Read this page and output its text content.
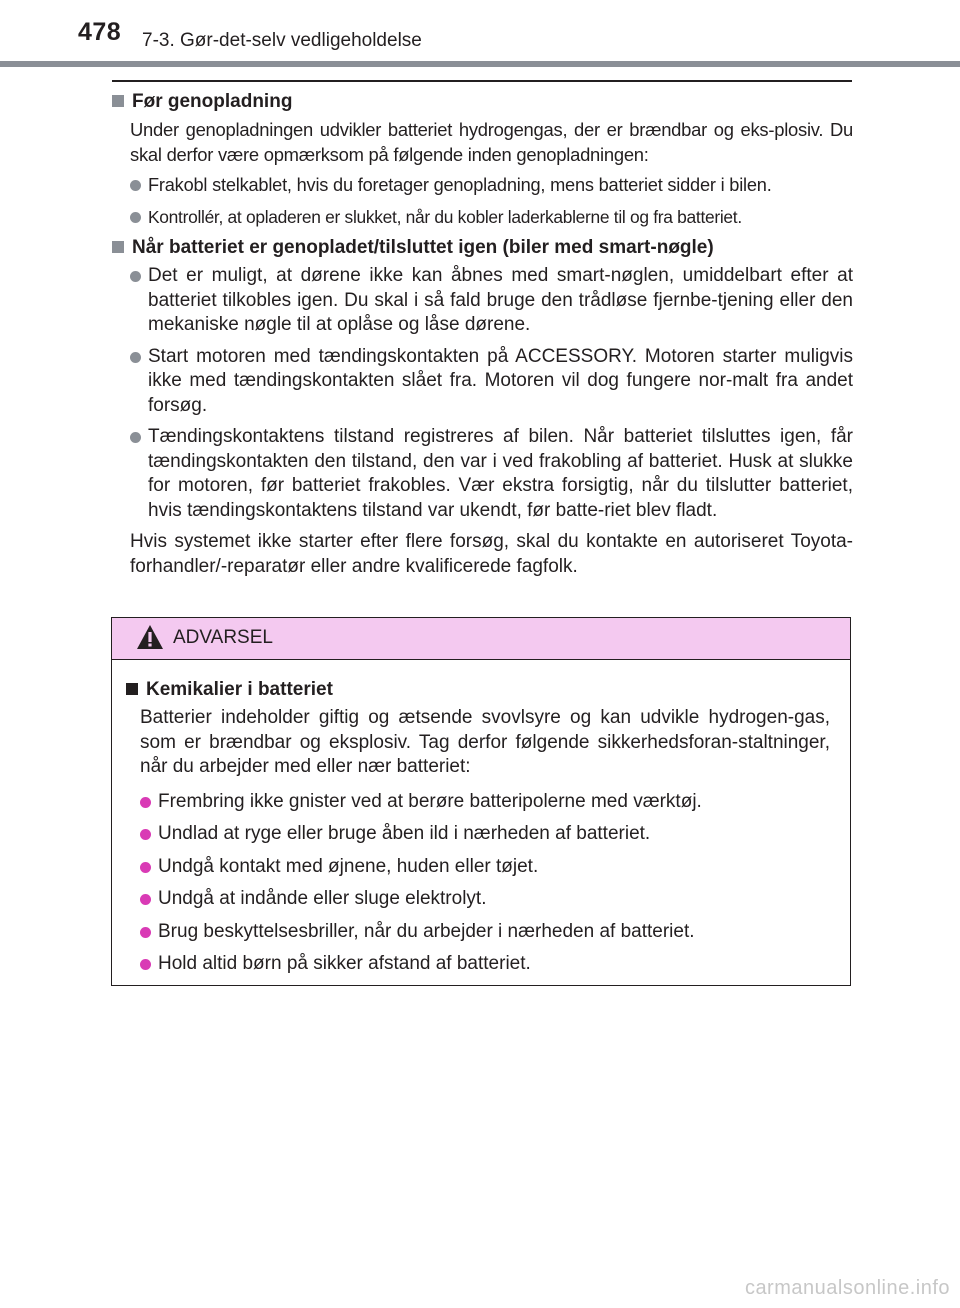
478 7-3. Gør-det-selv vedligeholdelse
Før genopladning

Under genopladningen udvikler batteriet hydrogengas, der er brændbar og eks-plosiv. Du skal derfor være opmærksom på følgende inden genopladningen:

Frakobl stelkablet, hvis du foretager genopladning, mens batteriet sidder i bilen.
Kontrollér, at opladeren er slukket, når du kobler laderkablerne til og fra batteriet.
Når batteriet er genopladet/tilsluttet igen (biler med smart-nøgle)
Det er muligt, at dørene ikke kan åbnes med smart-nøglen, umiddelbart efter at batteriet tilkobles igen. Du skal i så fald bruge den trådløse fjernbe-tjening eller den mekaniske nøgle til at oplåse og låse dørene.
Start motoren med tændingskontakten på ACCESSORY. Motoren starter muligvis ikke med tændingskontakten slået fra. Motoren vil dog fungere nor-malt fra andet forsøg.
Tændingskontaktens tilstand registreres af bilen. Når batteriet tilsluttes igen, får tændingskontakten den tilstand, den var i ved frakobling af batteriet. Husk at slukke for motoren, før batteriet frakobles. Vær ekstra forsigtig, når du tilslutter batteriet, hvis tændingskontaktens tilstand var ukendt, før batte-riet blev fladt.

Hvis systemet ikke starter efter flere forsøg, skal du kontakte en autoriseret Toyota-forhandler/-reparatør eller andre kvalificerede fagfolk.

ADVARSEL
Kemikalier i batteriet

Batterier indeholder giftig og ætsende svovlsyre og kan udvikle hydrogen-gas, som er brændbar og eksplosiv. Tag derfor følgende sikkerhedsforan-staltninger, når du arbejder med eller nær batteriet:

Frembring ikke gnister ved at berøre batteripolerne med værktøj.
Undlad at ryge eller bruge åben ild i nærheden af batteriet.
Undgå kontakt med øjnene, huden eller tøjet.
Undgå at indånde eller sluge elektrolyt.
Brug beskyttelsesbriller, når du arbejder i nærheden af batteriet.
Hold altid børn på sikker afstand af batteriet.
carmanualsonline.info
